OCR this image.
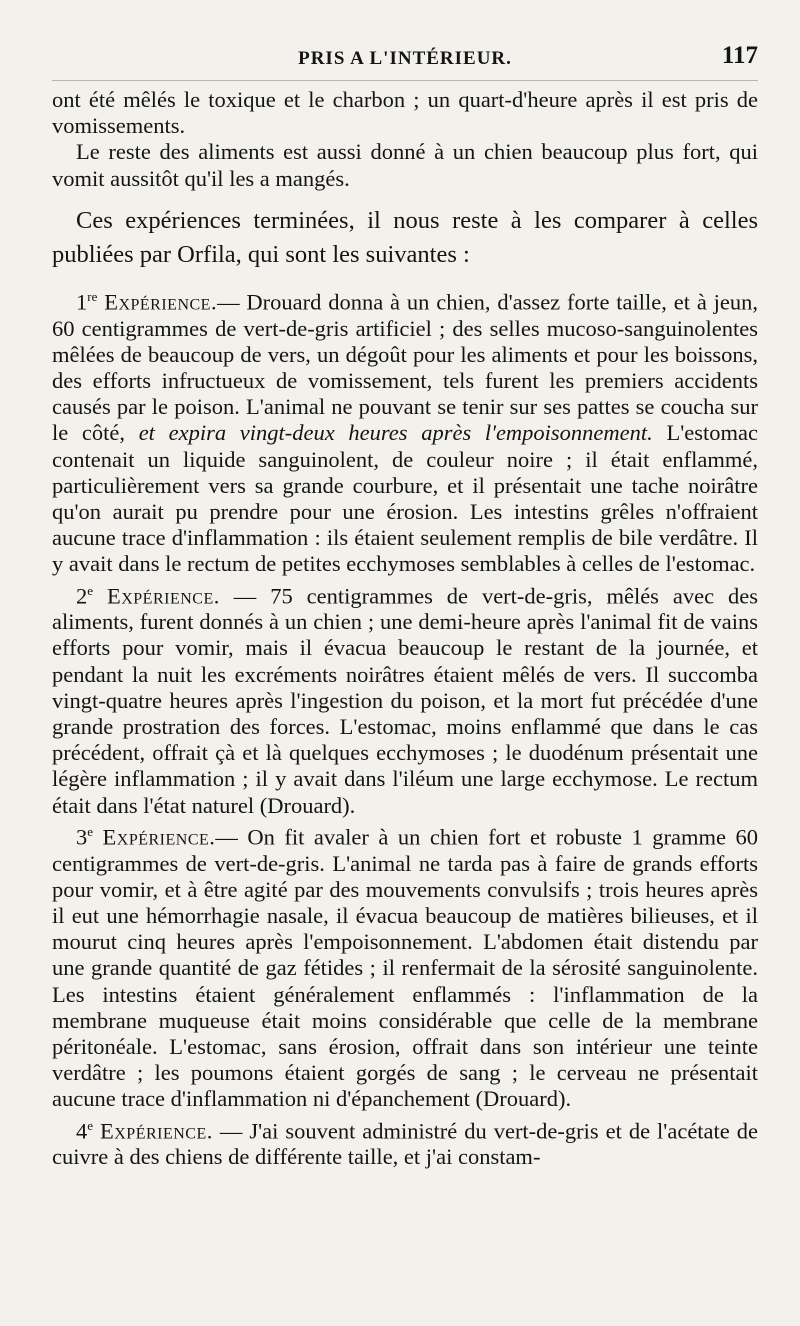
PRIS A L'INTÉRIEUR.	117

ont été mêlés le toxique et le charbon ; un quart-d'heure après il est pris de vomissements.

Le reste des aliments est aussi donné à un chien beaucoup plus fort, qui vomit aussitôt qu'il les a mangés.

Ces expériences terminées, il nous reste à les comparer à celles publiées par Orfila, qui sont les suivantes :

1re Expérience.— Drouard donna à un chien, d'assez forte taille, et à jeun, 60 centigrammes de vert-de-gris artificiel ; des selles mucoso-sanguinolentes mêlées de beaucoup de vers, un dégoût pour les aliments et pour les boissons, des efforts infructueux de vomissement, tels furent les premiers accidents causés par le poison. L'animal ne pouvant se tenir sur ses pattes se coucha sur le côté, et expira vingt-deux heures après l'empoisonnement. L'estomac contenait un liquide sanguinolent, de couleur noire ; il était enflammé, particulièrement vers sa grande courbure, et il présentait une tache noirâtre qu'on aurait pu prendre pour une érosion. Les intestins grêles n'offraient aucune trace d'inflammation : ils étaient seulement remplis de bile verdâtre. Il y avait dans le rectum de petites ecchymoses semblables à celles de l'estomac.

2e Expérience. — 75 centigrammes de vert-de-gris, mêlés avec des aliments, furent donnés à un chien ; une demi-heure après l'animal fit de vains efforts pour vomir, mais il évacua beaucoup le restant de la journée, et pendant la nuit les excréments noirâtres étaient mêlés de vers. Il succomba vingt-quatre heures après l'ingestion du poison, et la mort fut précédée d'une grande prostration des forces. L'estomac, moins enflammé que dans le cas précédent, offrait çà et là quelques ecchymoses ; le duodénum présentait une légère inflammation ; il y avait dans l'iléum une large ecchymose. Le rectum était dans l'état naturel (Drouard).

3e Expérience.— On fit avaler à un chien fort et robuste 1 gramme 60 centigrammes de vert-de-gris. L'animal ne tarda pas à faire de grands efforts pour vomir, et à être agité par des mouvements convulsifs ; trois heures après il eut une hémorrhagie nasale, il évacua beaucoup de matières bilieuses, et il mourut cinq heures après l'empoisonnement. L'abdomen était distendu par une grande quantité de gaz fétides ; il renfermait de la sérosité sanguinolente. Les intestins étaient généralement enflammés : l'inflammation de la membrane muqueuse était moins considérable que celle de la membrane péritonéale. L'estomac, sans érosion, offrait dans son intérieur une teinte verdâtre ; les poumons étaient gorgés de sang ; le cerveau ne présentait aucune trace d'inflammation ni d'épanchement (Drouard).

4e Expérience. — J'ai souvent administré du vert-de-gris et de l'acétate de cuivre à des chiens de différente taille, et j'ai constam-
